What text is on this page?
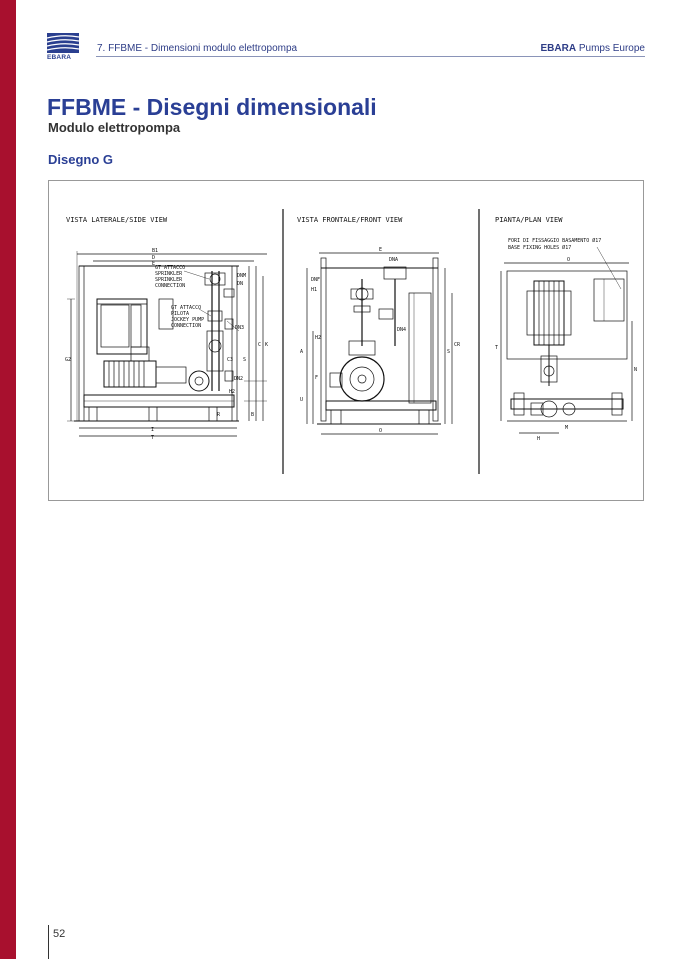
EBARA
7. FFBME - Dimensioni modulo elettropompa	EBARA Pumps Europe
FFBME - Disegni dimensionali
Modulo elettropompa
Disegno G
VISTA LATERALE/SIDE VIEW	VISTA FRONTALE/FRONT VIEW	PIANTA/PLAN VIEW
GT ATTACCO
SPRINKLER
SPRINKLER
CONNECTION
GT ATTACCO
PILOTA
JOCKEY PUMP
CONNECTION
B1
D
E
DN
DNM
DN3
C3
DN2
H2
G2
T
I
S
K
C
B
R
E
DNA
DNF
H1
H2
DN4
A
F
S
CR
U
O
FORI DI FISSAGGIO BASAMENTO Ø17
BASE FIXING HOLES Ø17
O
T
N
M
H
52
